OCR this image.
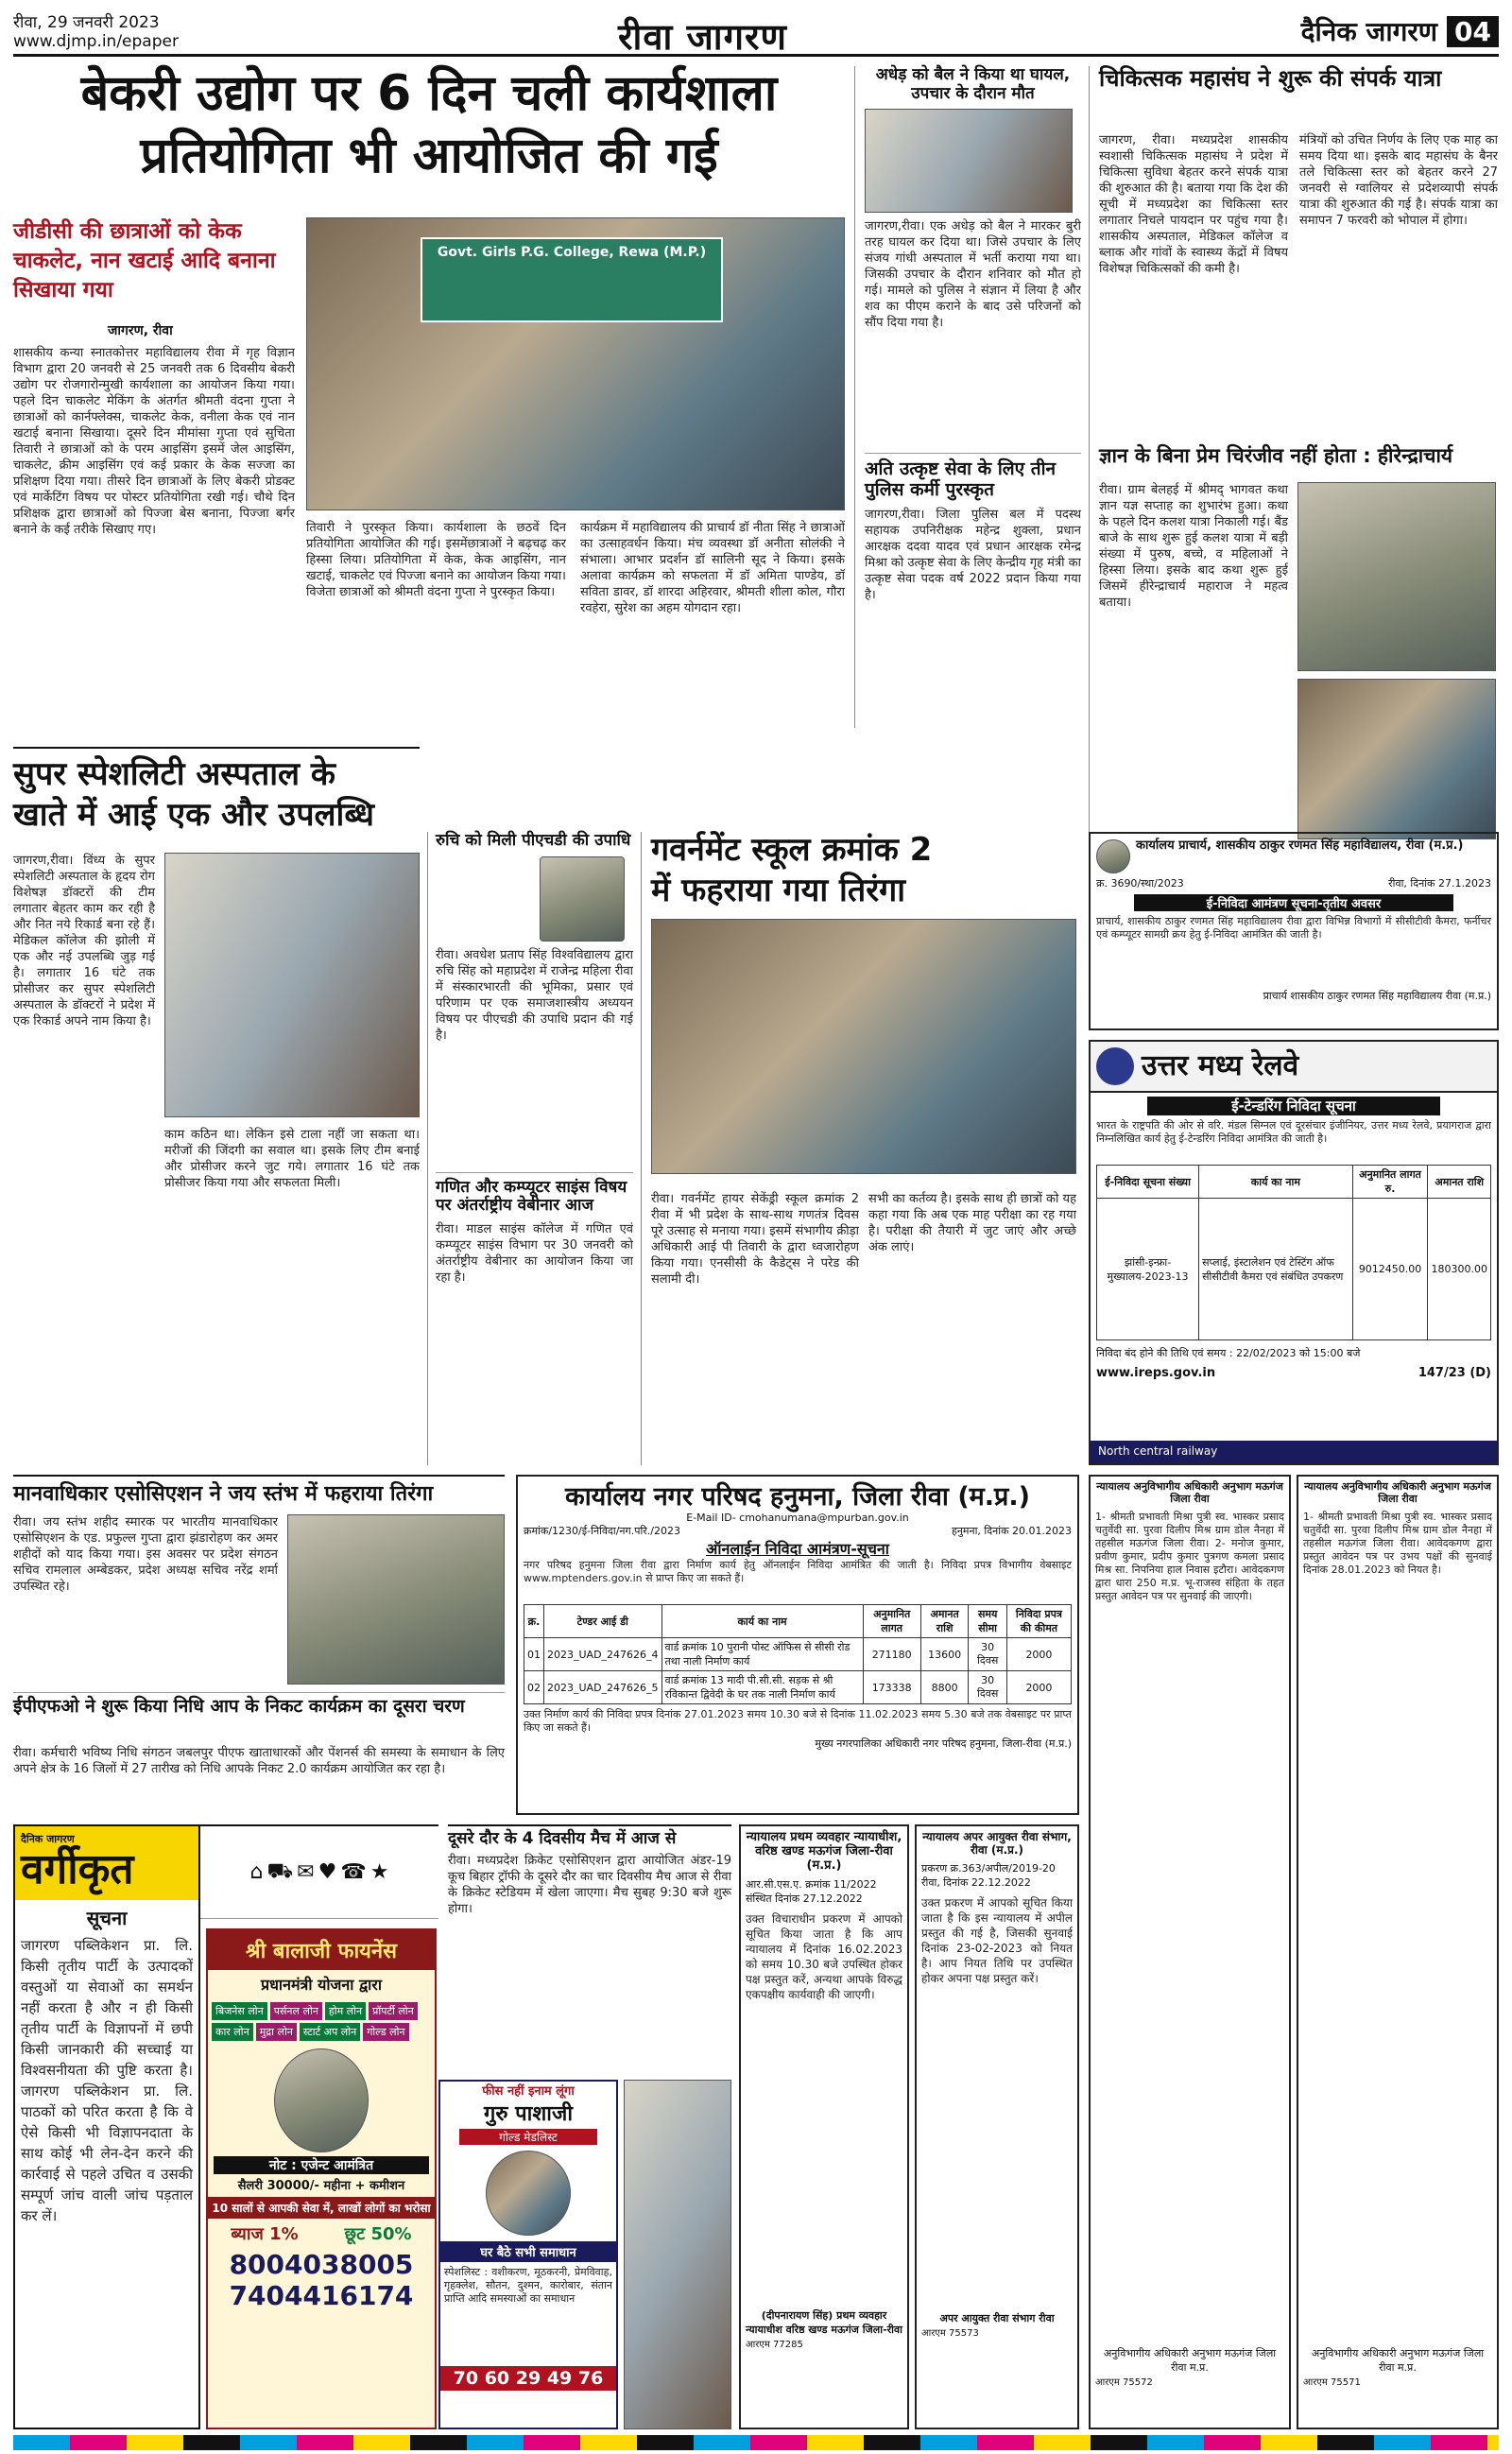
रीवा, 29 जनवरी 2023
www.djmp.in/epaper	रीवा जागरण	दैनिक जागरण 04
बेकरी उद्योग पर 6 दिन चली कार्यशाला
प्रतियोगिता भी आयोजित की गई
जीडीसी की छात्राओं को केक चाकलेट, नान खटाई आदि बनाना सिखाया गया
जागरण, रीवा
शासकीय कन्या स्नातकोत्तर महाविद्यालय रीवा में गृह विज्ञान विभाग द्वारा 20 जनवरी से 25 जनवरी तक 6 दिवसीय बेकरी उद्योग पर रोजगारोन्मुखी कार्यशाला का आयोजन किया गया। पहले दिन चाकलेट मेकिंग के अंतर्गत श्रीमती वंदना गुप्ता ने छात्राओं को कार्नफ्लेक्स, चाकलेट केक, वनीला केक एवं नान खटाई बनाना सिखाया। दूसरे दिन मीमांसा गुप्ता एवं सुचिता तिवारी ने छात्राओं को के परम आइसिंग इसमें जेल आइसिंग, चाकलेट, क्रीम आइसिंग एवं कई प्रकार के केक सज्जा का प्रशिक्षण दिया गया। तीसरे दिन छात्राओं के लिए बेकरी प्रोडक्ट एवं मार्केटिंग विषय पर पोस्टर प्रतियोगिता रखी गई। चौथे दिन प्रशिक्षक द्वारा छात्राओं को पिज्जा बेस बनाना, पिज्जा बर्गर बनाने के कई तरीके सिखाए गए।
Govt. Girls P.G. College, Rewa (M.P.)
तिवारी ने पुरस्कृत किया। कार्यशाला के छठवें दिन प्रतियोगिता आयोजित की गई। इसमेंछात्राओं ने बढ़चढ़ कर हिस्सा लिया। प्रतियोगिता में केक, केक आइसिंग, नान खटाई, चाकलेट एवं पिज्जा बनाने का आयोजन किया गया। विजेता छात्राओं को श्रीमती वंदना गुप्ता ने पुरस्कृत किया।
कार्यक्रम में महाविद्यालय की प्राचार्य डॉ नीता सिंह ने छात्राओं का उत्साहवर्धन किया। मंच व्यवस्था डॉ अनीता सोलंकी ने संभाला। आभार प्रदर्शन डॉ सालिनी सूद ने किया। इसके अलावा कार्यक्रम को सफलता में डॉ अमिता पाण्डेय, डॉ सविता डावर, डॉ शारदा अहिरवार, श्रीमती शीला कोल, गौरा रवहेरा, सुरेश का अहम योगदान रहा।
अधेड़ को बैल ने किया था घायल, उपचार के दौरान मौत
जागरण,रीवा। एक अधेड़ को बैल ने मारकर बुरी तरह घायल कर दिया था। जिसे उपचार के लिए संजय गांधी अस्पताल में भर्ती कराया गया था। जिसकी उपचार के दौरान शनिवार को मौत हो गई। मामले को पुलिस ने संज्ञान में लिया है और शव का पीएम कराने के बाद उसे परिजनों को सौंप दिया गया है।
अति उत्कृष्ट सेवा के लिए तीन पुलिस कर्मी पुरस्कृत
जागरण,रीवा। जिला पुलिस बल में पदस्थ सहायक उपनिरीक्षक महेन्द्र शुक्ला, प्रधान आरक्षक ददवा यादव एवं प्रधान आरक्षक रमेन्द्र मिश्रा को उत्कृष्ट सेवा के लिए केन्द्रीय गृह मंत्री का उत्कृष्ट सेवा पदक वर्ष 2022 प्रदान किया गया है।
चिकित्सक महासंघ ने शुरू की संपर्क यात्रा
जागरण, रीवा। मध्यप्रदेश शासकीय स्वशासी चिकित्सक महासंघ ने प्रदेश में चिकित्सा सुविधा बेहतर करने संपर्क यात्रा की शुरुआत की है। बताया गया कि देश की सूची में मध्यप्रदेश का चिकित्सा स्तर लगातार निचले पायदान पर पहुंच गया है। शासकीय अस्पताल, मेडिकल कॉलेज व ब्लाक और गांवों के स्वास्थ्य केंद्रों में विषय विशेषज्ञ चिकित्सकों की कमी है।
मंत्रियों को उचित निर्णय के लिए एक माह का समय दिया था। इसके बाद महासंघ के बैनर तले चिकित्सा स्तर को बेहतर करने 27 जनवरी से ग्वालियर से प्रदेशव्यापी संपर्क यात्रा की शुरुआत की गई है। संपर्क यात्रा का समापन 7 फरवरी को भोपाल में होगा।
ज्ञान के बिना प्रेम चिरंजीव नहीं होता : हीरेन्द्राचार्य
रीवा। ग्राम बेलहई में श्रीमद् भागवत कथा ज्ञान यज्ञ सप्ताह का शुभारंभ हुआ। कथा के पहले दिन कलश यात्रा निकाली गई। बैंड बाजे के साथ शुरू हुई कलश यात्रा में बड़ी संख्या में पुरुष, बच्चे, व महिलाओं ने हिस्सा लिया। इसके बाद कथा शुरू हुई जिसमें हीरेन्द्राचार्य महाराज ने महत्व बताया।
सुपर स्पेशलिटी अस्पताल के
खाते में आई एक और उपलब्धि
जागरण,रीवा। विंध्य के सुपर स्पेशलिटी अस्पताल के हृदय रोग विशेषज्ञ डॉक्टरों की टीम लगातार बेहतर काम कर रही है और नित नये रिकार्ड बना रहे हैं। मेडिकल कॉलेज की झोली में एक और नई उपलब्धि जुड़ गई है। लगातार 16 घंटे तक प्रोसीजर कर सुपर स्पेशलिटी अस्पताल के डॉक्टरों ने प्रदेश में एक रिकार्ड अपने नाम किया है।
काम कठिन था। लेकिन इसे टाला नहीं जा सकता था। मरीजों की जिंदगी का सवाल था। इसके लिए टीम बनाई और प्रोसीजर करने जुट गये। लगातार 16 घंटे तक प्रोसीजर किया गया और सफलता मिली।
रुचि को मिली पीएचडी की उपाधि
रीवा। अवधेश प्रताप सिंह विश्वविद्यालय द्वारा रुचि सिंह को महाप्रदेश में राजेन्द्र महिला रीवा में संस्कारभारती की भूमिका, प्रसार एवं परिणाम पर एक समाजशास्त्रीय अध्ययन विषय पर पीएचडी की उपाधि प्रदान की गई है।
गणित और कम्प्यूटर साइंस विषय पर अंतर्राष्ट्रीय वेबीनार आज
रीवा। माडल साइंस कॉलेज में गणित एवं कम्प्यूटर साइंस विभाग पर 30 जनवरी को अंतर्राष्ट्रीय वेबीनार का आयोजन किया जा रहा है।
गवर्नमेंट स्कूल क्रमांक 2
में फहराया गया तिरंगा
रीवा। गवर्नमेंट हायर सेकेंड्री स्कूल क्रमांक 2 रीवा में भी प्रदेश के साथ-साथ गणतंत्र दिवस पूरे उत्साह से मनाया गया। इसमें संभागीय क्रीड़ा अधिकारी आई पी तिवारी के द्वारा ध्वजारोहण किया गया। एनसीसी के कैडेट्स ने परेड की सलामी दी।
सभी का कर्तव्य है। इसके साथ ही छात्रों को यह कहा गया कि अब एक माह परीक्षा का रह गया है। परीक्षा की तैयारी में जुट जाएं और अच्छे अंक लाएं।
कार्यालय प्राचार्य, शासकीय ठाकुर रणमत सिंह महाविद्यालय, रीवा (म.प्र.)
क्र. 3690/स्था/2023	रीवा, दिनांक 27.1.2023
ई-निविदा आमंत्रण सूचना-तृतीय अवसर
प्राचार्य, शासकीय ठाकुर रणमत सिंह महाविद्यालय रीवा द्वारा विभिन्न विभागों में सीसीटीवी कैमरा, फर्नीचर एवं कम्प्यूटर सामग्री क्रय हेतु ई-निविदा आमंत्रित की जाती है।
प्राचार्य शासकीय ठाकुर रणमत सिंह महाविद्यालय रीवा (म.प्र.)
उत्तर मध्य रेलवे
ई-टेन्डरिंग निविदा सूचना
भारत के राष्ट्रपति की ओर से वरि. मंडल सिग्नल एवं दूरसंचार इंजीनियर, उत्तर मध्य रेलवे, प्रयागराज द्वारा निम्नलिखित कार्य हेतु ई-टेन्डरिंग निविदा आमंत्रित की जाती है।
ई-निविदा सूचना संख्या	कार्य का नाम	अनुमानित लागत रु.	अमानत राशि
झांसी-इन्फ्रा-मुख्यालय-2023-13	सप्लाई, इंस्टालेशन एवं टेस्टिंग ऑफ सीसीटीवी कैमरा एवं संबंधित उपकरण	9012450.00	180300.00
निविदा बंद होने की तिथि एवं समय : 22/02/2023 को 15:00 बजे
www.ireps.gov.in	147/23 (D)
North central railway
मानवाधिकार एसोसिएशन ने जय स्तंभ में फहराया तिरंगा
रीवा। जय स्तंभ शहीद स्मारक पर भारतीय मानवाधिकार एसोसिएशन के एड. प्रफुल्ल गुप्ता द्वारा झंडारोहण कर अमर शहीदों को याद किया गया। इस अवसर पर प्रदेश संगठन सचिव रामलाल अम्बेडकर, प्रदेश अध्यक्ष सचिव नरेंद्र शर्मा उपस्थित रहे।
ईपीएफओ ने शुरू किया निधि आप के निकट कार्यक्रम का दूसरा चरण
रीवा। कर्मचारी भविष्य निधि संगठन जबलपुर पीएफ खाताधारकों और पेंशनर्स की समस्या के समाधान के लिए अपने क्षेत्र के 16 जिलों में 27 तारीख को निधि आपके निकट 2.0 कार्यक्रम आयोजित कर रहा है।
कार्यालय नगर परिषद हनुमना, जिला रीवा (म.प्र.)
E-Mail ID- cmohanumana@mpurban.gov.in
क्रमांक/1230/ई-निविदा/नग.परि./2023	हनुमना, दिनांक 20.01.2023
ऑनलाईन निविदा आमंत्रण-सूचना
नगर परिषद हनुमना जिला रीवा द्वारा निर्माण कार्य हेतु ऑनलाईन निविदा आमंत्रित की जाती है। निविदा प्रपत्र विभागीय वेबसाइट www.mptenders.gov.in से प्राप्त किए जा सकते हैं।
क्र.	टेण्डर आई डी	कार्य का नाम	अनुमानित लागत	अमानत राशि	समय सीमा	निविदा प्रपत्र की कीमत
01	2023_UAD_247626_4	वार्ड क्रमांक 10 पुरानी पोस्ट ऑफिस से सीसी रोड तथा नाली निर्माण कार्य	271180	13600	30 दिवस	2000
02	2023_UAD_247626_5	वार्ड क्रमांक 13 मादी पी.सी.सी. सड़क से श्री रविकान्त द्विवेदी के घर तक नाली निर्माण कार्य	173338	8800	30 दिवस	2000
उक्त निर्माण कार्य की निविदा प्रपत्र दिनांक 27.01.2023 समय 10.30 बजे से दिनांक 11.02.2023 समय 5.30 बजे तक वेबसाइट पर प्राप्त किए जा सकते हैं।
मुख्य नगरपालिका अधिकारी नगर परिषद हनुमना, जिला-रीवा (म.प्र.)
न्यायालय अनुविभागीय अधिकारी अनुभाग मऊगंज जिला रीवा
1- श्रीमती प्रभावती मिश्रा पुत्री स्व. भास्कर प्रसाद चतुर्वेदी सा. पुरवा दिलीप मिश्र ग्राम डोल नैनहा में तहसील मऊगंज जिला रीवा। 2- मनोज कुमार, प्रवीण कुमार, प्रदीप कुमार पुत्रगण कमला प्रसाद मिश्र सा. निपनिया हाल निवास इटौरा। आवेदकगण द्वारा धारा 250 म.प्र. भू-राजस्व संहिता के तहत प्रस्तुत आवेदन पत्र पर सुनवाई की जाएगी।
अनुविभागीय अधिकारी अनुभाग मऊगंज जिला रीवा म.प्र.
आरएम 75572
न्यायालय अनुविभागीय अधिकारी अनुभाग मऊगंज जिला रीवा
1- श्रीमती प्रभावती मिश्रा पुत्री स्व. भास्कर प्रसाद चतुर्वेदी सा. पुरवा दिलीप मिश्र ग्राम डोल नैनहा में तहसील मऊगंज जिला रीवा। आवेदकगण द्वारा प्रस्तुत आवेदन पत्र पर उभय पक्षों की सुनवाई दिनांक 28.01.2023 को नियत है।
अनुविभागीय अधिकारी अनुभाग मऊगंज जिला रीवा म.प्र.
आरएम 75571
दैनिक जागरण
वर्गीकृत
सूचना
जागरण पब्लिकेशन प्रा. लि. किसी तृतीय पार्टी के उत्पादकों वस्तुओं या सेवाओं का समर्थन नहीं करता है और न ही किसी तृतीय पार्टी के विज्ञापनों में छपी किसी जानकारी की सच्चाई या विश्वसनीयता की पुष्टि करता है। जागरण पब्लिकेशन प्रा. लि. पाठकों को परित करता है कि वे ऐसे किसी भी विज्ञापनदाता के साथ कोई भी लेन-देन करने की कार्रवाई से पहले उचित व उसकी सम्पूर्ण जांच वाली जांच पड़ताल कर लें।
⌂ ⛟ ✉ ♥ ☎ ★
श्री बालाजी फायनेंस
प्रधानमंत्री योजना द्वारा
बिजनेस लोन	पर्सनल लोन	होम लोन	प्रॉपर्टी लोन
कार लोन	मुद्रा लोन	स्टार्ट अप लोन	गोल्ड लोन
नोट : एजेन्ट आमंत्रित
सैलरी 30000/- महीना + कमीशन
10 सालों से आपकी सेवा में, लाखों लोगों का भरोसा
ब्याज 1%	छूट 50%
8004038005
7404416174
फीस नहीं इनाम लूंगा
गुरु पाशाजी
गोल्ड मेडलिस्ट
घर बैठे सभी समाधान
स्पेशलिस्ट : वशीकरण, मूठकरनी, प्रेमविवाह, गृहक्लेश, सौतन, दुश्मन, कारोबार, संतान प्राप्ति आदि समस्याओं का समाधान
70 60 29 49 76
दूसरे दौर के 4 दिवसीय मैच में आज से
रीवा। मध्यप्रदेश क्रिकेट एसोसिएशन द्वारा आयोजित अंडर-19 कूच बिहार ट्रॉफी के दूसरे दौर का चार दिवसीय मैच आज से रीवा के क्रिकेट स्टेडियम में खेला जाएगा। मैच सुबह 9:30 बजे शुरू होगा।
न्यायालय प्रथम व्यवहार न्यायाधीश, वरिष्ठ खण्ड मऊगंज जिला-रीवा (म.प्र.)
आर.सी.एस.ए. क्रमांक 11/2022
संस्थित दिनांक 27.12.2022
उक्त विचाराधीन प्रकरण में आपको सूचित किया जाता है कि आप न्यायालय में दिनांक 16.02.2023 को समय 10.30 बजे उपस्थित होकर पक्ष प्रस्तुत करें, अन्यथा आपके विरुद्ध एकपक्षीय कार्यवाही की जाएगी।
(दीपनारायण सिंह) प्रथम व्यवहार न्यायाधीश वरिष्ठ खण्ड मऊगंज जिला-रीवा
आरएम 77285
न्यायालय अपर आयुक्त रीवा संभाग, रीवा (म.प्र.)
प्रकरण क्र.363/अपील/2019-20
रीवा, दिनांक 22.12.2022
उक्त प्रकरण में आपको सूचित किया जाता है कि इस न्यायालय में अपील प्रस्तुत की गई है, जिसकी सुनवाई दिनांक 23-02-2023 को नियत है। आप नियत तिथि पर उपस्थित होकर अपना पक्ष प्रस्तुत करें।
अपर आयुक्त रीवा संभाग रीवा
आरएम 75573
